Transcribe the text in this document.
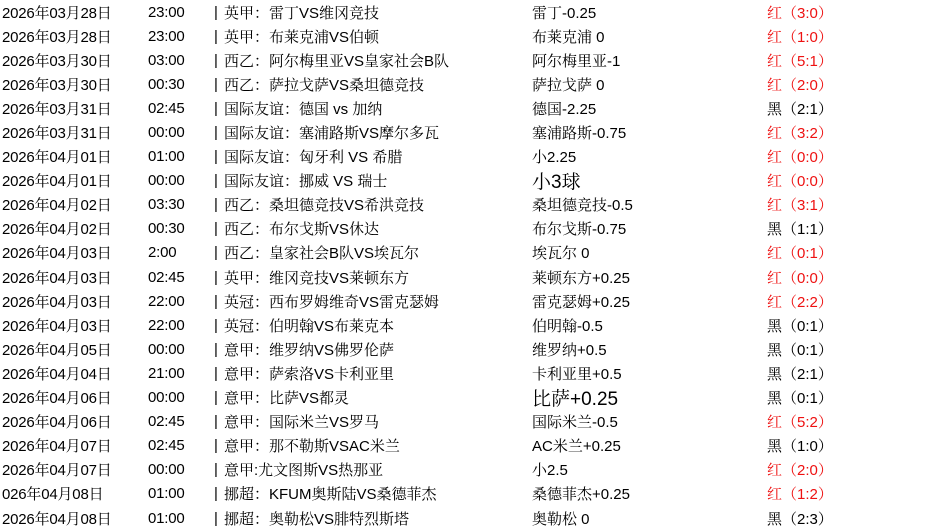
2026年03月28日	23:00	| 英甲：雷丁VS维冈竞技	雷丁-0.25	红（3:0）
2026年03月28日	23:00	| 英甲：布莱克浦VS伯顿	布莱克浦 0	红（1:0）
2026年03月30日	03:00	| 西乙：阿尔梅里亚VS皇家社会B队	阿尔梅里亚-1	红（5:1）
2026年03月30日	00:30	| 西乙：萨拉戈萨VS桑坦德竞技	萨拉戈萨 0	红（2:0）
2026年03月31日	02:45	| 国际友谊：德国 vs 加纳	德国-2.25	黑（2:1）
2026年03月31日	00:00	| 国际友谊：塞浦路斯VS摩尔多瓦	塞浦路斯-0.75	红（3:2）
2026年04月01日	01:00	| 国际友谊：匈牙利 VS 希腊	小2.25	红（0:0）
2026年04月01日	00:00	| 国际友谊：挪威 VS 瑞士	小3球	红（0:0）
2026年04月02日	03:30	| 西乙：桑坦德竞技VS希洪竞技	桑坦德竞技-0.5	红（3:1）
2026年04月02日	00:30	| 西乙：布尔戈斯VS休达	布尔戈斯-0.75	黑（1:1）
2026年04月03日	2:00	| 西乙：皇家社会B队VS埃瓦尔	埃瓦尔 0	红（0:1）
2026年04月03日	02:45	| 英甲：维冈竞技VS莱顿东方	莱顿东方+0.25	红（0:0）
2026年04月03日	22:00	| 英冠：西布罗姆维奇VS雷克瑟姆	雷克瑟姆+0.25	红（2:2）
2026年04月03日	22:00	| 英冠：伯明翰VS布莱克本	伯明翰-0.5	黑（0:1）
2026年04月05日	00:00	| 意甲：维罗纳VS佛罗伦萨	维罗纳+0.5	黑（0:1）
2026年04月04日	21:00	| 意甲：萨索洛VS卡利亚里	卡利亚里+0.5	黑（2:1）
2026年04月06日	00:00	| 意甲：比萨VS都灵	比萨+0.25	黑（0:1）
2026年04月06日	02:45	| 意甲：国际米兰VS罗马	国际米兰-0.5	红（5:2）
2026年04月07日	02:45	| 意甲：那不勒斯VSAC米兰	AC米兰+0.25	黑（1:0）
2026年04月07日	00:00	| 意甲:尤文图斯VS热那亚	小2.5	红（2:0）
026年04月08日	01:00	| 挪超：KFUM奥斯陆VS桑德菲杰	桑德菲杰+0.25	红（1:2）
2026年04月08日	01:00	| 挪超：奥勒松VS腓特烈斯塔	奥勒松 0	黑（2:3）
